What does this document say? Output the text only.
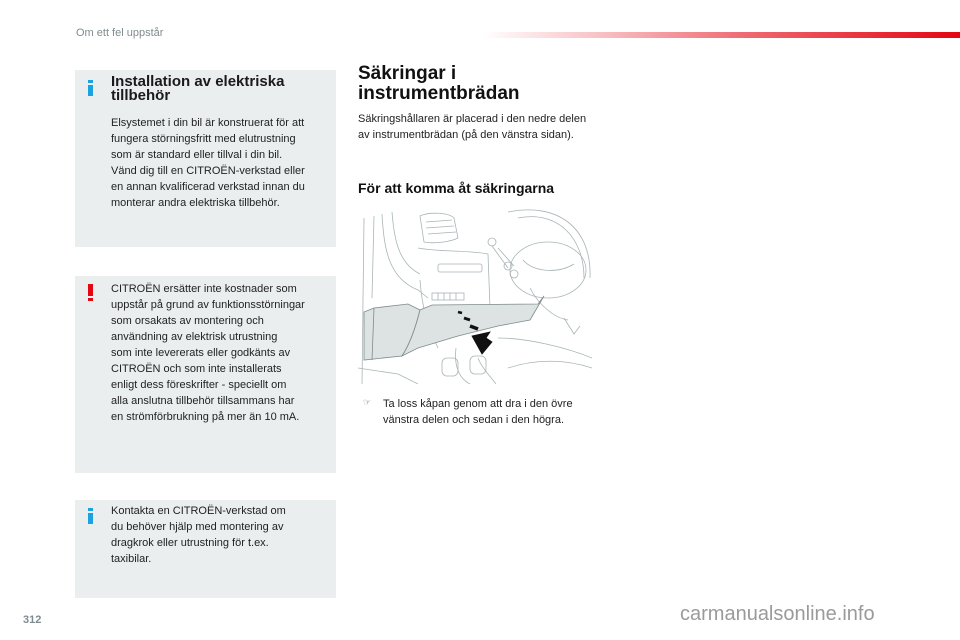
Om ett fel uppstår
Installation av elektriska
tillbehör
Elsystemet i din bil är konstruerat för att
fungera störningsfritt med elutrustning
som är standard eller tillval i din bil.
Vänd dig till en CITROËN-verkstad eller
en annan kvalificerad verkstad innan du
monterar andra elektriska tillbehör.
CITROËN ersätter inte kostnader som
uppstår på grund av funktionsstörningar
som orsakats av montering och
användning av elektrisk utrustning
som inte levererats eller godkänts av
CITROËN och som inte installerats
enligt dess föreskrifter - speciellt om
alla anslutna tillbehör tillsammans har
en strömförbrukning på mer än 10 mA.
Kontakta en CITROËN-verkstad om
du behöver hjälp med montering av
dragkrok eller utrustning för t.ex.
taxibilar.
Säkringar i
instrumentbrädan
Säkringshållaren är placerad i den nedre delen
av instrumentbrädan (på den vänstra sidan).
För att komma åt säkringarna
☞ Ta loss kåpan genom att dra i den övre
vänstra delen och sedan i den högra.
312	carmanualsonline.info
